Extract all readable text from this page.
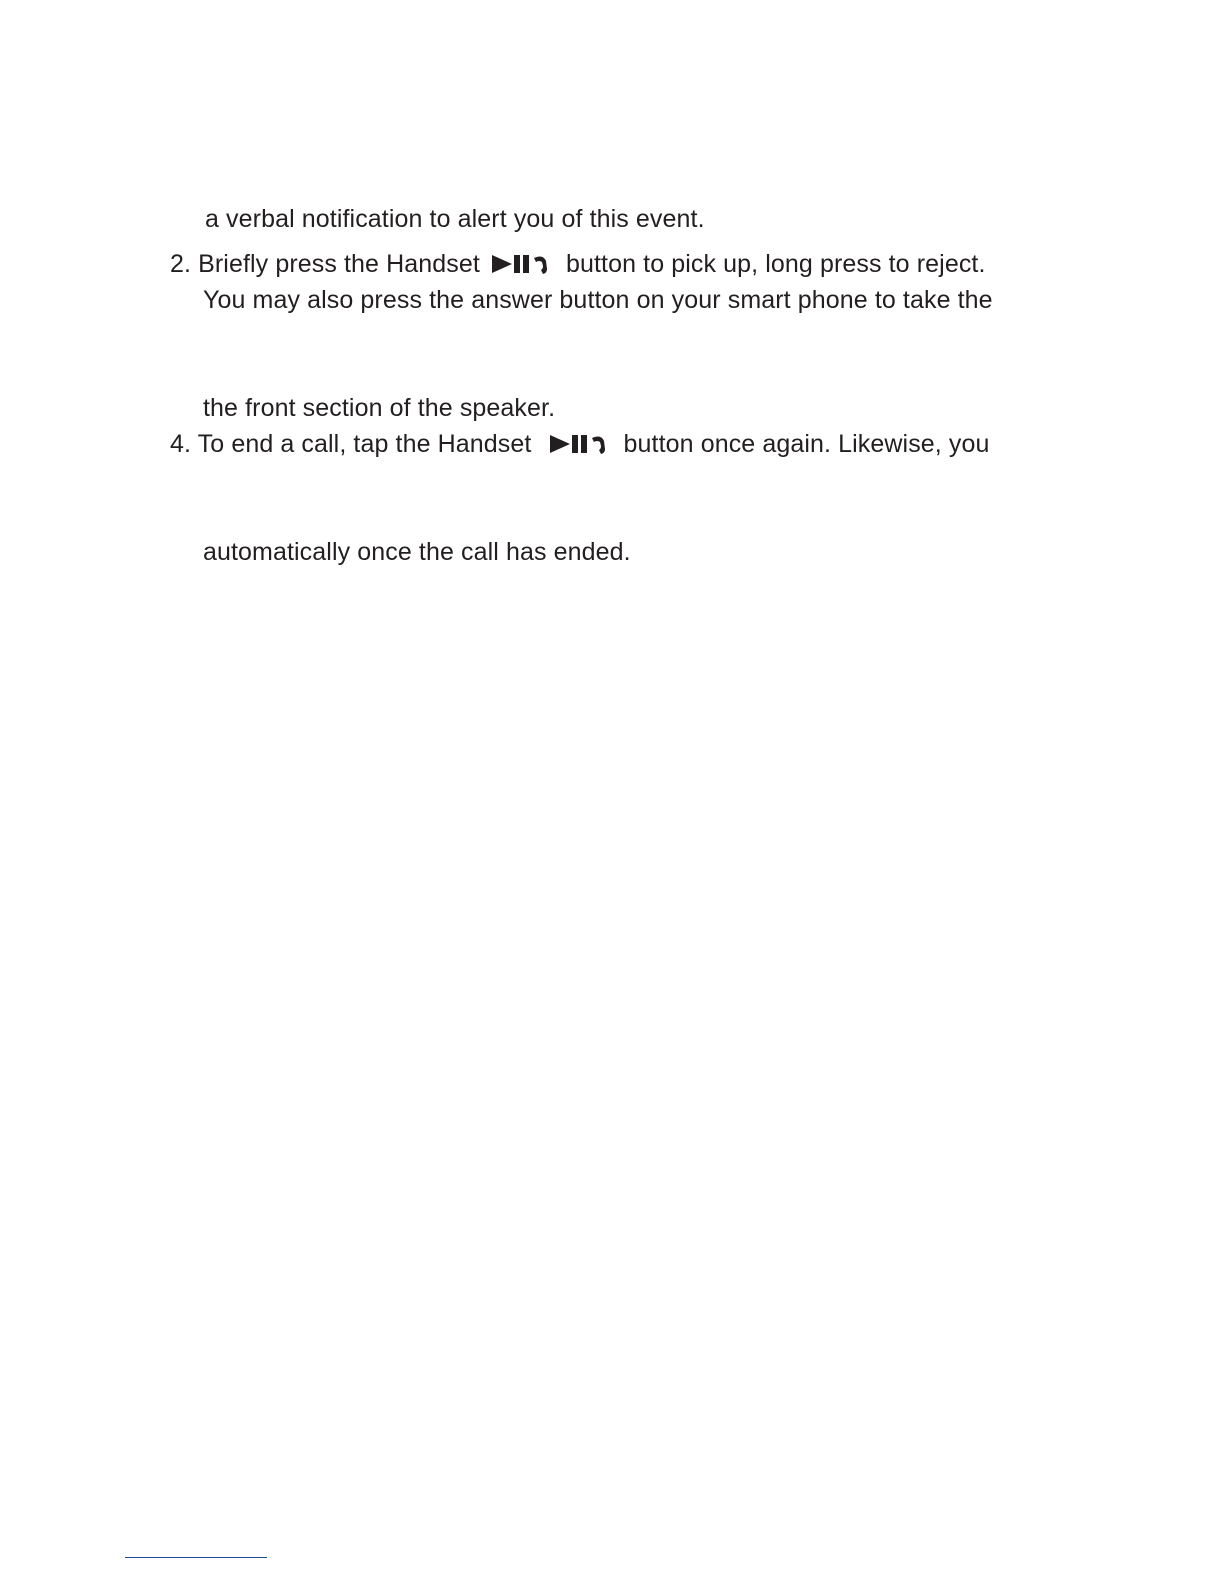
a verbal notification to alert you of this event.
2. Briefly press the Handset	button to pick up, long press to reject.
You may also press the answer button on your smart phone to take the
the front section of the speaker.
4. To end a call, tap the Handset	button once again. Likewise, you
automatically once the call has ended.
